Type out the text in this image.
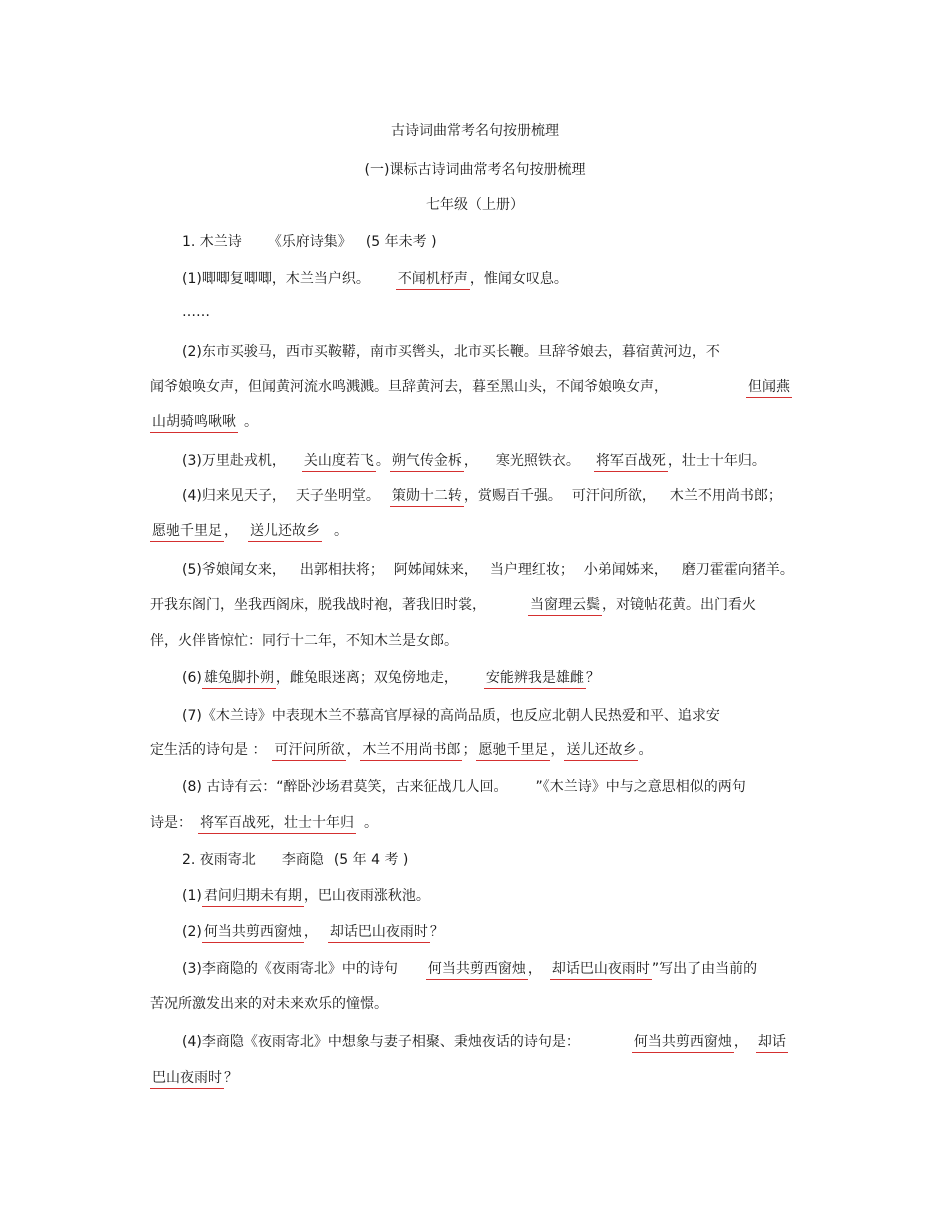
古诗词曲常考名句按册梳理
(一)课标古诗词曲常考名句按册梳理
七年级（上册）
1. 木兰诗 《乐府诗集》 (5 年未考 )
(1)唧唧复唧唧，木兰当户织。 不闻机杼声 ，惟闻女叹息。
……
(2)东市买骏马，西市买鞍鞯，南市买辔头，北市买长鞭。旦辞爷娘去，暮宿黄河边，不
闻爷娘唤女声，但闻黄河流水鸣溅溅。旦辞黄河去，暮至黑山头，不闻爷娘唤女声，	但闻燕
山胡骑鸣啾啾 。
(3)万里赴戎机， 关山度若飞 。 朔气传金柝 ， 寒光照铁衣。 将军百战死 ，壮士十年归。
(4)归来见天子， 天子坐明堂。 策勋十二转 ，赏赐百千强。 可汗问所欲， 木兰不用尚书郎；
愿驰千里足 ， 送儿还故乡 。
(5)爷娘闻女来， 出郭相扶将； 阿姊闻妹来， 当户理红妆； 小弟闻姊来， 磨刀霍霍向猪羊。
开我东阁门，坐我西阁床，脱我战时袍，著我旧时裳，	当窗理云鬓 ，对镜帖花黄。出门看火
伴，火伴皆惊忙：同行十二年，不知木兰是女郎。
(6) 雄兔脚扑朔 ，雌兔眼迷离；双兔傍地走， 安能辨我是雄雌 ？
(7)《木兰诗》中表现木兰不慕高官厚禄的高尚品质，也反应北朝人民热爱和平、追求安
定生活的诗句是 ： 可汗问所欲 ， 木兰不用尚书郎 ； 愿驰千里足 ， 送儿还故乡 。
(8) 古诗有云：“醉卧沙场君莫笑，古来征战几人回。 ”《木兰诗》中与之意思相似的两句
诗是： 将军百战死，壮士十年归 。
2. 夜雨寄北 李商隐 (5 年 4 考 )
(1) 君问归期未有期 ，巴山夜雨涨秋池。
(2) 何当共剪西窗烛 ， 却话巴山夜雨时 ？
(3)李商隐的《夜雨寄北》中的诗句 何当共剪西窗烛 ， 却话巴山夜雨时 ”写出了由当前的
苦况所激发出来的对未来欢乐的憧憬。
(4)李商隐《夜雨寄北》中想象与妻子相聚、秉烛夜话的诗句是：	何当共剪西窗烛 ， 却话
巴山夜雨时 ？
